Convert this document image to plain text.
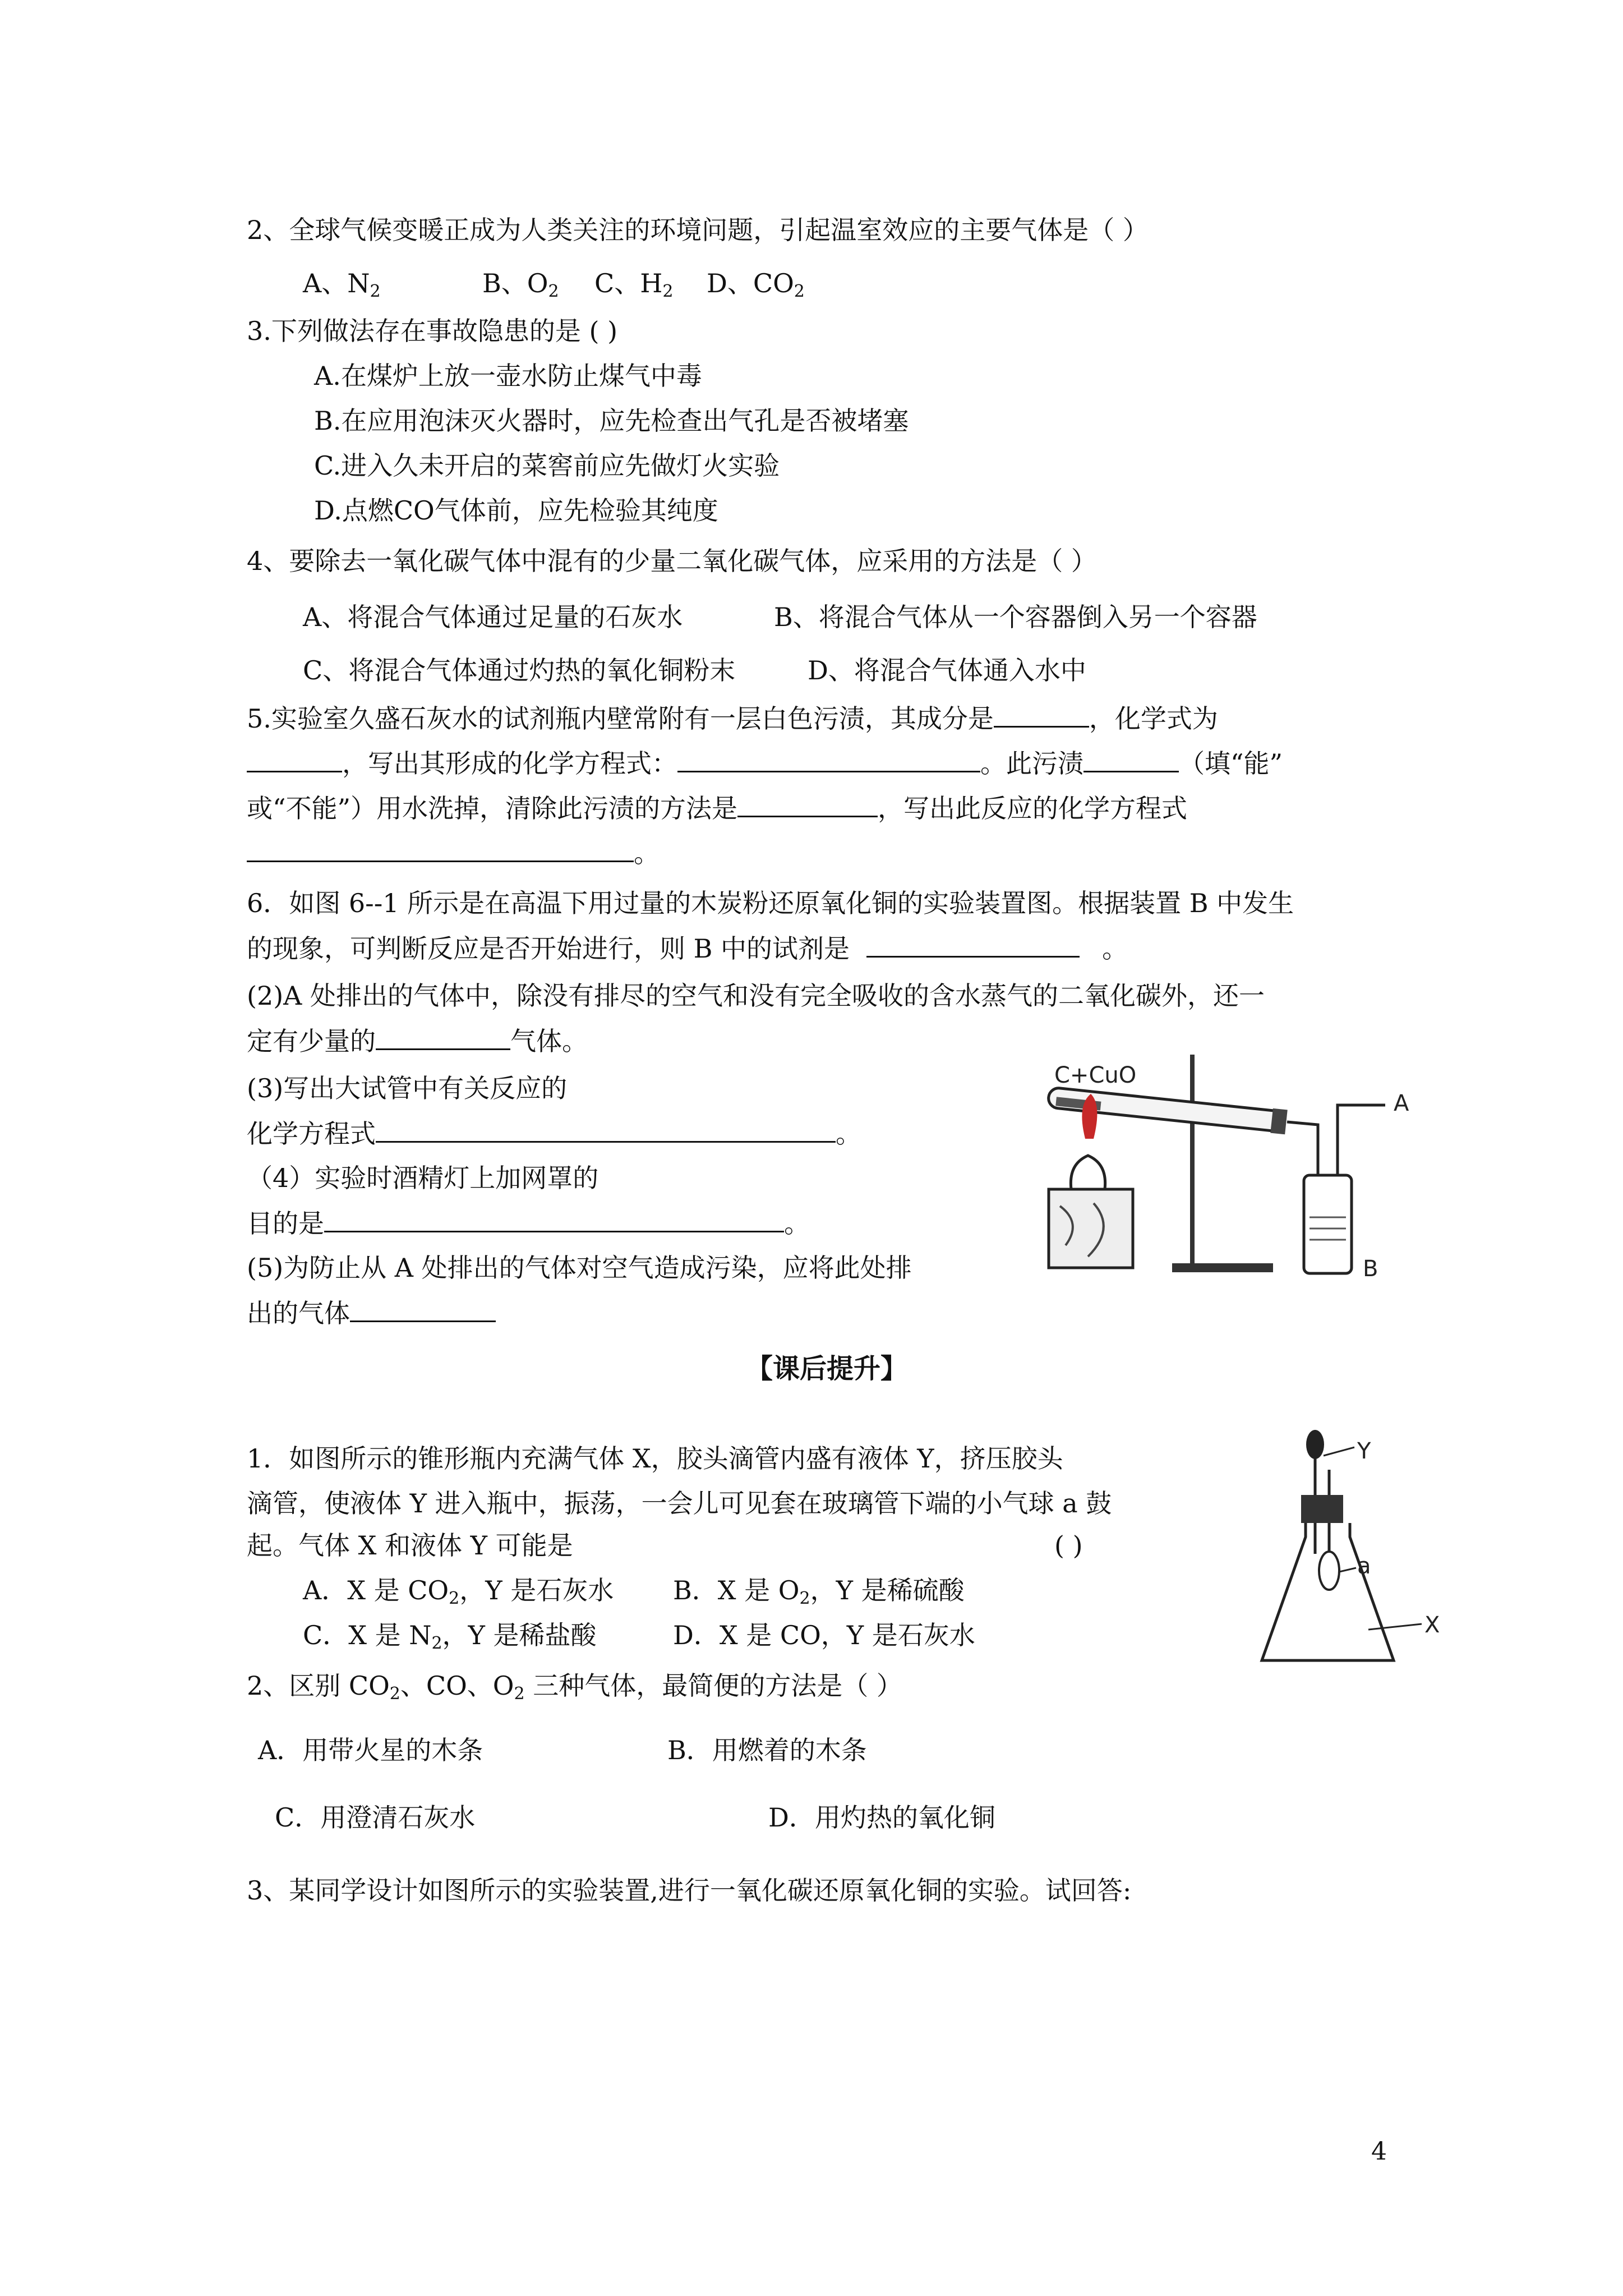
2、全球气候变暖正成为人类关注的环境问题，引起温室效应的主要气体是（ ）
A、$N_2$	B、$O_2$ C、$H_2$ D、$CO_2$
3.下列做法存在事故隐患的是 ( )
A.在煤炉上放一壶水防止煤气中毒
B.在应用泡沫灭火器时，应先检查出气孔是否被堵塞
C.进入久未开启的菜窖前应先做灯火实验
D.点燃CO气体前，应先检验其纯度
4、要除去一氧化碳气体中混有的少量二氧化碳气体，应采用的方法是（ ）
A、将混合气体通过足量的石灰水	B、将混合气体从一个容器倒入另一个容器
C、将混合气体通过灼热的氧化铜粉末	D、将混合气体通入水中
5.实验室久盛石灰水的试剂瓶内壁常附有一层白色污渍，其成分是	，化学式为
，写出其形成的化学方程式：	。此污渍	（填“能”
或“不能”）用水洗掉，清除此污渍的方法是	，写出此反应的化学方程式
。
6．如图 6--1 所示是在高温下用过量的木炭粉还原氧化铜的实验装置图。根据装置 B 中发生
的现象，可判断反应是否开始进行，则 B 中的试剂是	。
(2)A 处排出的气体中，除没有排尽的空气和没有完全吸收的含水蒸气的二氧化碳外，还一
定有少量的	气体。
(3)写出大试管中有关反应的
化学方程式	。
（4）实验时酒精灯上加网罩的
目的是	。
(5)为防止从 A 处排出的气体对空气造成污染，应将此处排
出的气体
C+CuO
A
B
【课后提升】
1．如图所示的锥形瓶内充满气体 X，胶头滴管内盛有液体 Y，挤压胶头
滴管，使液体 Y 进入瓶中，振荡，一会儿可见套在玻璃管下端的小气球 a 鼓
起。气体 X 和液体 Y 可能是	( )
A．X 是 $CO_2$，Y 是石灰水 B．X 是 $O_2$，Y 是稀硫酸
C．X 是 $N_2$，Y 是稀盐酸	D．X 是 CO，Y 是石灰水
Y
a
X
2、区别 $CO_2$、CO、$O_2$ 三种气体，最简便的方法是（ ）
A．用带火星的木条	B．用燃着的木条
C．用澄清石灰水	D．用灼热的氧化铜
3、某同学设计如图所示的实验装置,进行一氧化碳还原氧化铜的实验。试回答:
4
